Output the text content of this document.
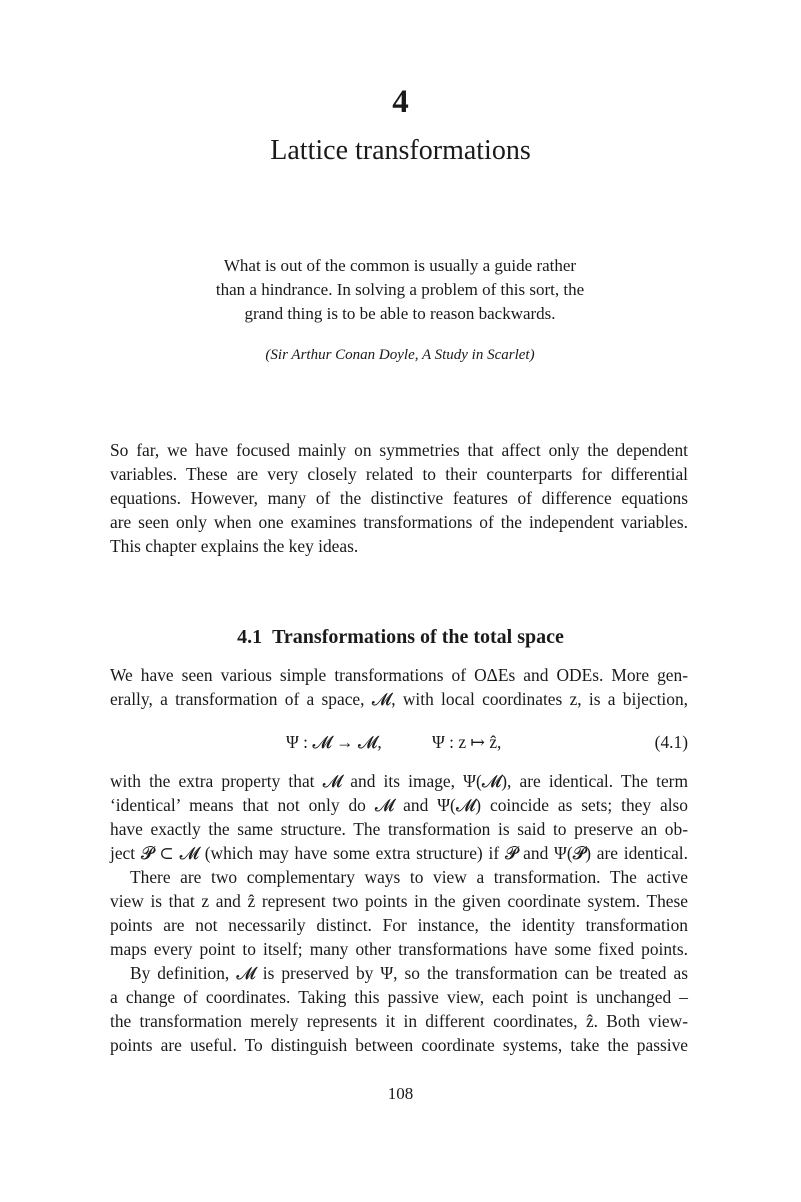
4
Lattice transformations
What is out of the common is usually a guide rather
than a hindrance. In solving a problem of this sort, the
grand thing is to be able to reason backwards.
(Sir Arthur Conan Doyle, A Study in Scarlet)
So far, we have focused mainly on symmetries that affect only the dependent
variables. These are very closely related to their counterparts for differential
equations. However, many of the distinctive features of difference equations
are seen only when one examines transformations of the independent variables.
This chapter explains the key ideas.
4.1 Transformations of the total space
We have seen various simple transformations of OΔEs and ODEs. More gen-
erally, a transformation of a space, 𝓜, with local coordinates z, is a bijection,
Ψ : 𝓜 → 𝓜,	Ψ : z ↦ ẑ,	(4.1)
with the extra property that 𝓜 and its image, Ψ(𝓜), are identical. The term
‘identical’ means that not only do 𝓜 and Ψ(𝓜) coincide as sets; they also
have exactly the same structure. The transformation is said to preserve an ob-
ject 𝓟 ⊂ 𝓜 (which may have some extra structure) if 𝓟 and Ψ(𝓟) are identical.
There are two complementary ways to view a transformation. The active
view is that z and ẑ represent two points in the given coordinate system. These
points are not necessarily distinct. For instance, the identity transformation
maps every point to itself; many other transformations have some fixed points.
By definition, 𝓜 is preserved by Ψ, so the transformation can be treated as
a change of coordinates. Taking this passive view, each point is unchanged –
the transformation merely represents it in different coordinates, ẑ. Both view-
points are useful. To distinguish between coordinate systems, take the passive
108
